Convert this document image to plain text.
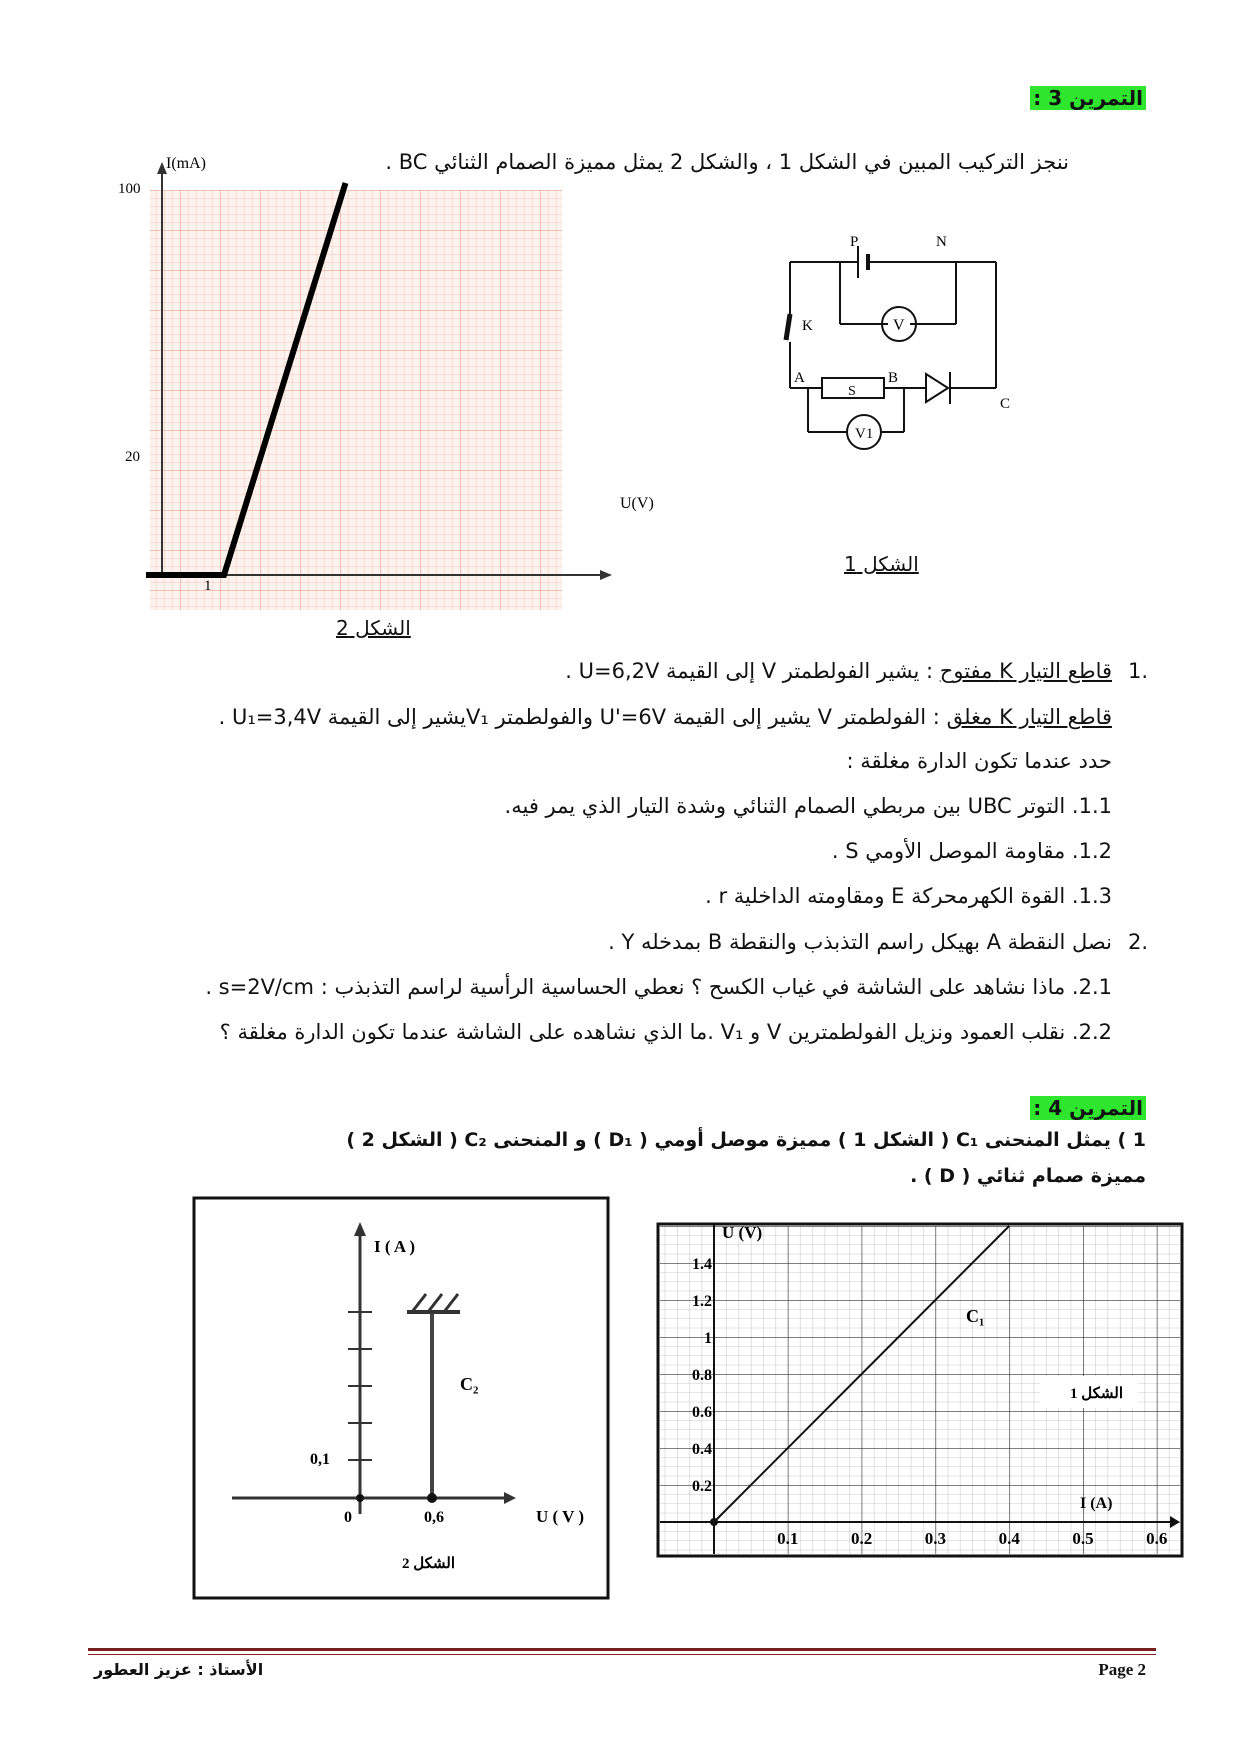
التمرين 3 :
ننجز التركيب المبين في الشكل 1 ، والشكل 2 يمثل مميزة الصمام الثنائي BC .
I(mA)
100
20
1
U(V)
الشكل 2
P	N
K
A
S
B
C
V
V1
الشكل 1
1.
قاطع التيار K مفتوح : يشير الفولطمتر V إلى القيمة U=6,2V .
قاطع التيار K مغلق : الفولطمتر V يشير إلى القيمة U'=6V والفولطمتر V₁يشير إلى القيمة U₁=3,4V .
حدد عندما تكون الدارة مغلقة :
1.1. التوتر UBC بين مربطي الصمام الثنائي وشدة التيار الذي يمر فيه.
1.2. مقاومة الموصل الأومي S .
1.3. القوة الكهرمحركة E ومقاومته الداخلية r .
2.
نصل النقطة A بهيكل راسم التذبذب والنقطة B بمدخله Y .
2.1. ماذا نشاهد على الشاشة في غياب الكسح ؟ نعطي الحساسية الرأسية لراسم التذبذب : s=2V/cm .
2.2. نقلب العمود ونزيل الفولطمترين V و V₁ .ما الذي نشاهده على الشاشة عندما تكون الدارة مغلقة ؟
التمرين 4 :
1 ) يمثل المنحنى C₁ ( الشكل 1 ) مميزة موصل أومي ( D₁ ) و المنحنى C₂ ( الشكل 2 )
مميزة صمام ثنائي ( D ) .
I ( A )
C₂
0,1
0	0,6	U ( V )
الشكل 2
U (V)
C₁
I (A)
الشكل 1
1.4
1.2
1
0.8
0.6
0.4
0.2
0.1	0.2	0.3	0.4	0.5	0.6
الأستاذ : عزيز العطور	Page 2
